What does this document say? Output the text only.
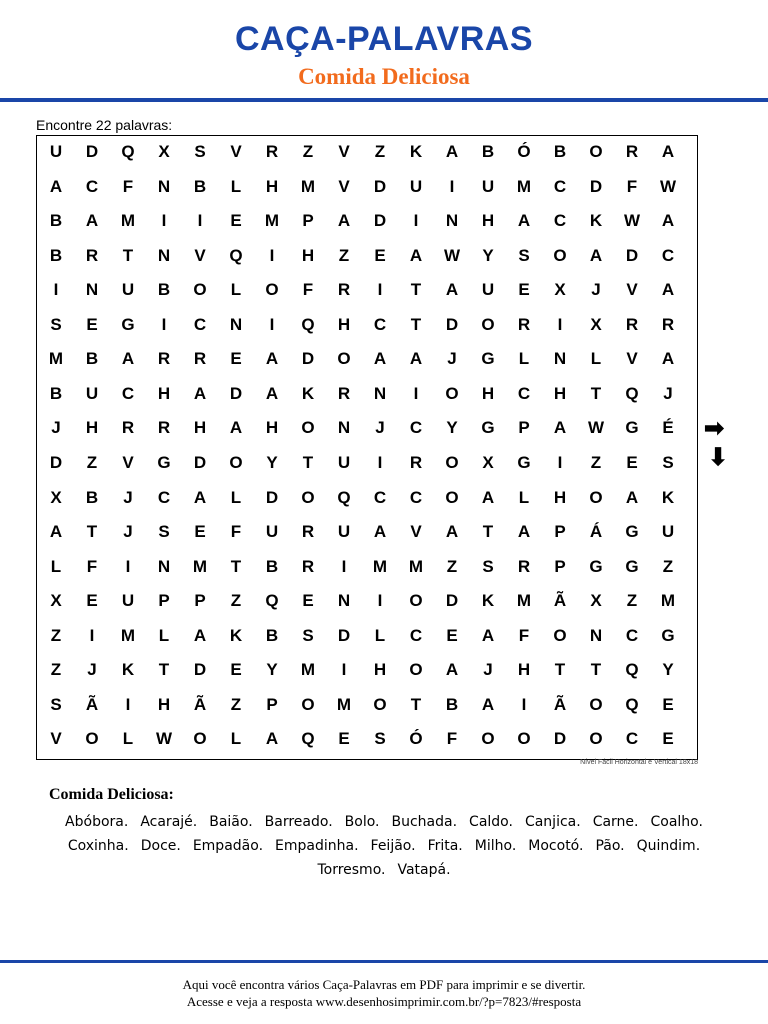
CAÇA-PALAVRAS
Comida Deliciosa
Encontre 22 palavras:
U	D	Q	X	S	V	R	Z	V	Z	K	A	B	Ó	B	O	R	A
A	C	F	N	B	L	H	M	V	D	U	I	U	M	C	D	F	W
B	A	M	I	I	E	M	P	A	D	I	N	H	A	C	K	W	A
B	R	T	N	V	Q	I	H	Z	E	A	W	Y	S	O	A	D	C
I	N	U	B	O	L	O	F	R	I	T	A	U	E	X	J	V	A
S	E	G	I	C	N	I	Q	H	C	T	D	O	R	I	X	R	R
M	B	A	R	R	E	A	D	O	A	A	J	G	L	N	L	V	A
B	U	C	H	A	D	A	K	R	N	I	O	H	C	H	T	Q	J
J	H	R	R	H	A	H	O	N	J	C	Y	G	P	A	W	G	É
D	Z	V	G	D	O	Y	T	U	I	R	O	X	G	I	Z	E	S
X	B	J	C	A	L	D	O	Q	C	C	O	A	L	H	O	A	K
A	T	J	S	E	F	U	R	U	A	V	A	T	A	P	Á	G	U
L	F	I	N	M	T	B	R	I	M	M	Z	S	R	P	G	G	Z
X	E	U	P	P	Z	Q	E	N	I	O	D	K	M	Ã	X	Z	M
Z	I	M	L	A	K	B	S	D	L	C	E	A	F	O	N	C	G
Z	J	K	T	D	E	Y	M	I	H	O	A	J	H	T	T	Q	Y
S	Ã	I	H	Ã	Z	P	O	M	O	T	B	A	I	Ã	O	Q	E
V	O	L	W	O	L	A	Q	E	S	Ó	F	O	O	D	O	C	E
Nível Fácil Horizontal e Vertical 18x18
➡
⬇
Comida Deliciosa:
Abóbora. Acarajé. Baião. Barreado. Bolo. Buchada. Caldo. Canjica. Carne. Coalho.Coxinha. Doce. Empadão. Empadinha. Feijão. Frita. Milho. Mocotó. Pão. Quindim.Torresmo. Vatapá.
Aqui você encontra vários Caça-Palavras em PDF para imprimir e se divertir.
Acesse e veja a resposta www.desenhosimprimir.com.br/?p=7823/#resposta
